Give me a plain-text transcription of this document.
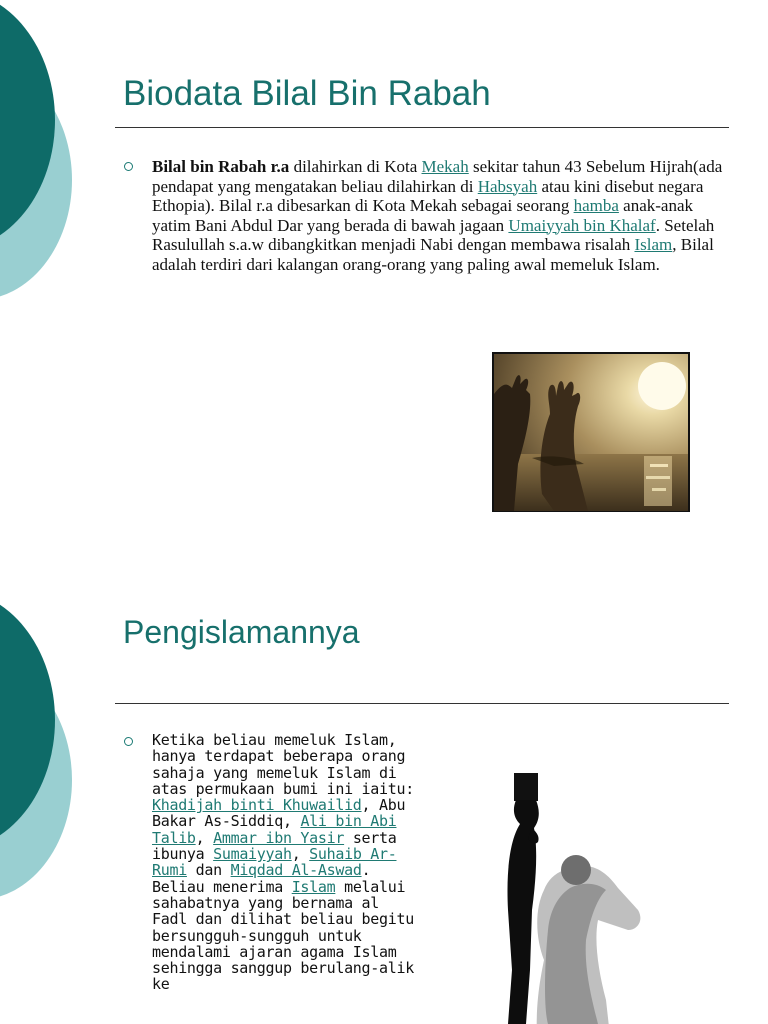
Biodata Bilal Bin Rabah
Bilal bin Rabah r.a dilahirkan di Kota Mekah sekitar tahun 43 Sebelum Hijrah(ada pendapat yang mengatakan beliau dilahirkan di Habsyah atau kini disebut negara Ethopia). Bilal r.a dibesarkan di Kota Mekah sebagai seorang hamba anak-anak yatim Bani Abdul Dar yang berada di bawah jagaan Umaiyyah bin Khalaf. Setelah Rasulullah s.a.w dibangkitkan menjadi Nabi dengan membawa risalah Islam, Bilal adalah terdiri dari kalangan orang-orang yang paling awal memeluk Islam.
Pengislamannya
Ketika beliau memeluk Islam, hanya terdapat beberapa orang sahaja yang memeluk Islam di atas permukaan bumi ini iaitu: Khadijah binti Khuwailid, Abu Bakar As-Siddiq, Ali bin Abi Talib, Ammar ibn Yasir serta ibunya Sumaiyyah, Suhaib Ar-Rumi dan Miqdad Al-Aswad. Beliau menerima Islam melalui sahabatnya yang bernama al Fadl dan dilihat beliau begitu bersungguh-sungguh untuk mendalami ajaran agama Islam sehingga sanggup berulang-alik ke
